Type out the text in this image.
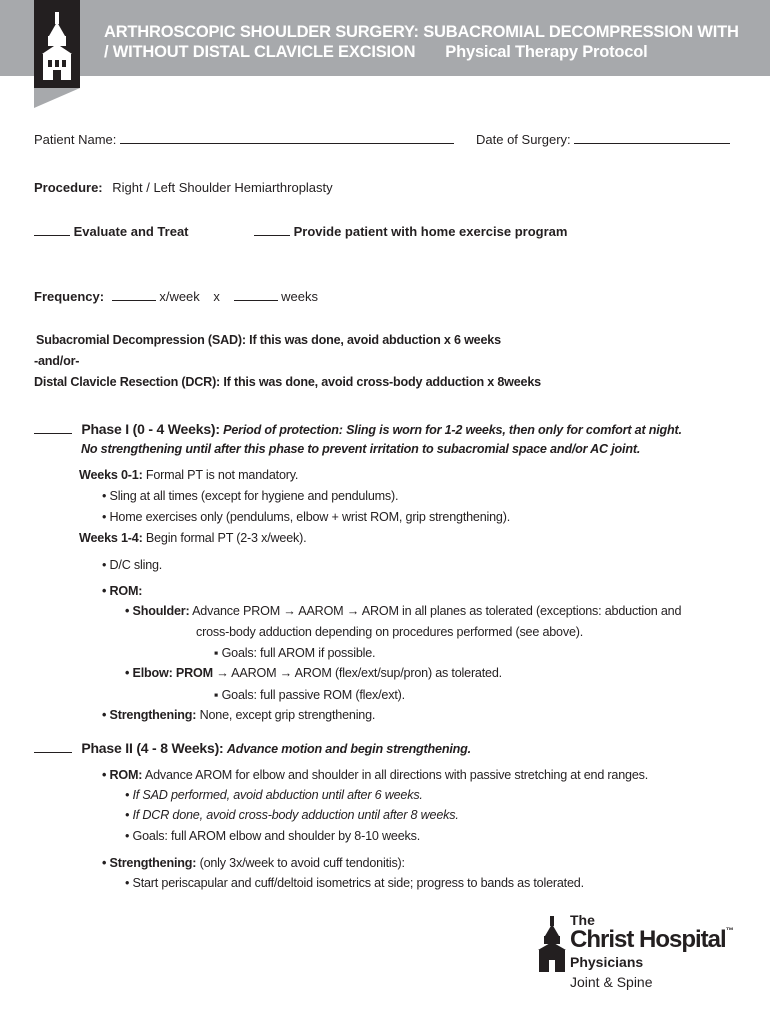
ARTHROSCOPIC SHOULDER SURGERY: SUBACROMIAL DECOMPRESSION WITH
/ WITHOUT DISTAL CLAVICLE EXCISION Physical Therapy Protocol
Patient Name:	Date of Surgery:
Procedure: Right / Left Shoulder Hemiarthroplasty
Evaluate and Treat	Provide patient with home exercise program
Frequency:	x/week x	weeks
Subacromial Decompression (SAD): If this was done, avoid abduction x 6 weeks
-and/or-
Distal Clavicle Resection (DCR): If this was done, avoid cross-body adduction x 8weeks
Phase I (0 - 4 Weeks): Period of protection: Sling is worn for 1-2 weeks, then only for comfort at night.
No strengthening until after this phase to prevent irritation to subacromial space and/or AC joint.
Weeks 0-1: Formal PT is not mandatory.
• Sling at all times (except for hygiene and pendulums).
• Home exercises only (pendulums, elbow + wrist ROM, grip strengthening).
Weeks 1-4: Begin formal PT (2-3 x/week).
• D/C sling.
• ROM:
• Shoulder: Advance PROM → AAROM → AROM in all planes as tolerated (exceptions: abduction and
cross-body adduction depending on procedures performed (see above).
▪ Goals: full AROM if possible.
• Elbow: PROM → AAROM → AROM (flex/ext/sup/pron) as tolerated.
▪ Goals: full passive ROM (flex/ext).
• Strengthening: None, except grip strengthening.
Phase II (4 - 8 Weeks): Advance motion and begin strengthening.
• ROM: Advance AROM for elbow and shoulder in all directions with passive stretching at end ranges.
• If SAD performed, avoid abduction until after 6 weeks.
• If DCR done, avoid cross-body adduction until after 8 weeks.
• Goals: full AROM elbow and shoulder by 8-10 weeks.
• Strengthening: (only 3x/week to avoid cuff tendonitis):
• Start periscapular and cuff/deltoid isometrics at side; progress to bands as tolerated.
The
Christ Hospital™
Physicians
Joint & Spine
